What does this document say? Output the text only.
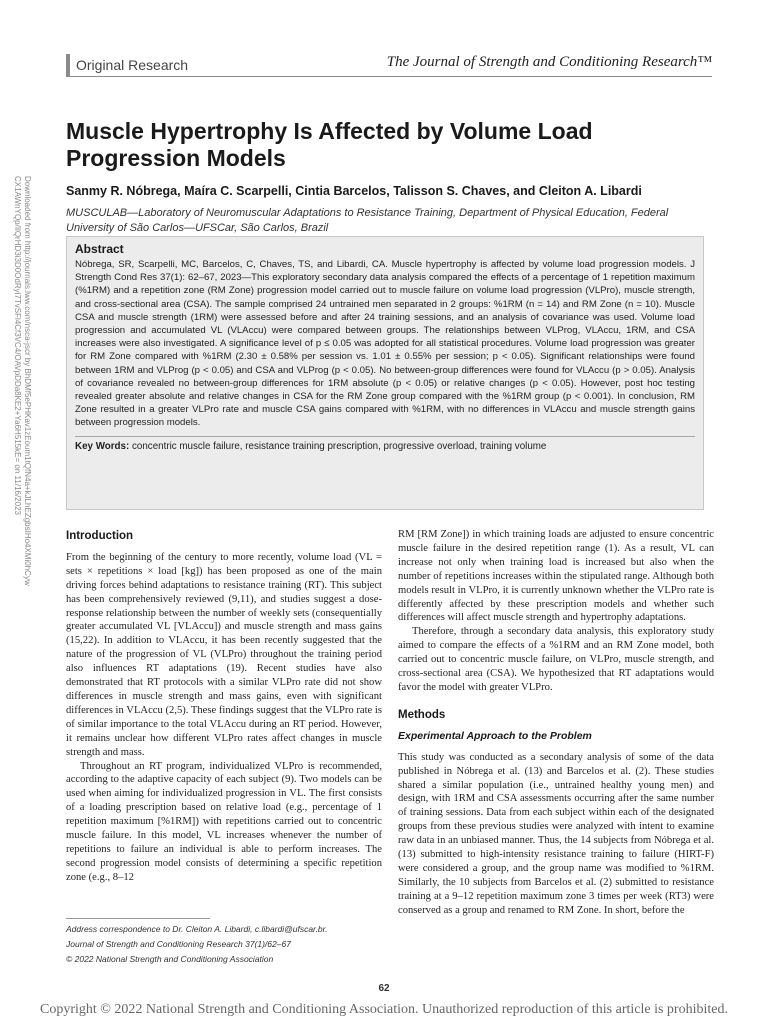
Original Research	The Journal of Strength and Conditioning Research™
Downloaded from http://journals.lww.com/nsca-jscr by BhDMf5ePHKav1zEoum1tQfN4a+kJLhEZgbsIHo4XMi0hCyw CX1AWnYQp/IlQrHD3i3D0OdRyi7TvSFl4Cf3VC4/OAVpDDa8KE2+Ya6H515kE= on 11/16/2023
Muscle Hypertrophy Is Affected by Volume Load Progression Models
Sanmy R. Nóbrega, Maíra C. Scarpelli, Cintia Barcelos, Talisson S. Chaves, and Cleiton A. Libardi
MUSCULAB—Laboratory of Neuromuscular Adaptations to Resistance Training, Department of Physical Education, Federal University of São Carlos—UFSCar, São Carlos, Brazil
Abstract
Nóbrega, SR, Scarpelli, MC, Barcelos, C, Chaves, TS, and Libardi, CA. Muscle hypertrophy is affected by volume load progression models. J Strength Cond Res 37(1): 62–67, 2023—This exploratory secondary data analysis compared the effects of a percentage of 1 repetition maximum (%1RM) and a repetition zone (RM Zone) progression model carried out to muscle failure on volume load progression (VLPro), muscle strength, and cross-sectional area (CSA). The sample comprised 24 untrained men separated in 2 groups: %1RM (n = 14) and RM Zone (n = 10). Muscle CSA and muscle strength (1RM) were assessed before and after 24 training sessions, and an analysis of covariance was used. Volume load progression and accumulated VL (VLAccu) were compared between groups. The relationships between VLProg, VLAccu, 1RM, and CSA increases were also investigated. A significance level of p ≤ 0.05 was adopted for all statistical procedures. Volume load progression was greater for RM Zone compared with %1RM (2.30 ± 0.58% per session vs. 1.01 ± 0.55% per session; p < 0.05). Significant relationships were found between 1RM and VLProg (p < 0.05) and CSA and VLProg (p < 0.05). No between-group differences were found for VLAccu (p > 0.05). Analysis of covariance revealed no between-group differences for 1RM absolute (p < 0.05) or relative changes (p < 0.05). However, post hoc testing revealed greater absolute and relative changes in CSA for the RM Zone group compared with the %1RM group (p < 0.001). In conclusion, RM Zone resulted in a greater VLPro rate and muscle CSA gains compared with %1RM, with no differences in VLAccu and muscle strength gains between progression models.
Key Words: concentric muscle failure, resistance training prescription, progressive overload, training volume
Introduction

From the beginning of the century to more recently, volume load (VL = sets × repetitions × load [kg]) has been proposed as one of the main driving forces behind adaptations to resistance training (RT). This subject has been comprehensively reviewed (9,11), and studies suggest a dose-response relationship between the number of weekly sets (consequentially greater accumulated VL [VLAccu]) and muscle strength and mass gains (15,22). In addition to VLAccu, it has been recently suggested that the nature of the progression of VL (VLPro) throughout the training period also influences RT adaptations (19). Recent studies have also demonstrated that RT protocols with a similar VLPro rate did not show differences in muscle strength and mass gains, even with significant differences in VLAccu (2,5). These findings suggest that the VLPro rate is of similar importance to the total VLAccu during an RT period. However, it remains unclear how different VLPro rates affect changes in muscle strength and mass.

Throughout an RT program, individualized VLPro is recommended, according to the adaptive capacity of each subject (9). Two models can be used when aiming for individualized progression in VL. The first consists of a loading prescription based on relative load (e.g., percentage of 1 repetition maximum [%1RM]) with repetitions carried out to concentric muscle failure. In this model, VL increases whenever the number of repetitions to failure an individual is able to perform increases. The second progression model consists of determining a specific repetition zone (e.g., 8–12

RM [RM Zone]) in which training loads are adjusted to ensure concentric muscle failure in the desired repetition range (1). As a result, VL can increase not only when training load is increased but also when the number of repetitions increases within the stipulated range. Although both models result in VLPro, it is currently unknown whether the VLPro rate is differently affected by these prescription models and whether such differences will affect muscle strength and hypertrophy adaptations.

Therefore, through a secondary data analysis, this exploratory study aimed to compare the effects of a %1RM and an RM Zone model, both carried out to concentric muscle failure, on VLPro, muscle strength, and cross-sectional area (CSA). We hypothesized that RT adaptations would favor the model with greater VLPro.

Methods
Experimental Approach to the Problem

This study was conducted as a secondary analysis of some of the data published in Nóbrega et al. (13) and Barcelos et al. (2). These studies shared a similar population (i.e., untrained healthy young men) and design, with 1RM and CSA assessments occurring after the same number of training sessions. Data from each subject within each of the designated groups from these previous studies were analyzed with intent to examine raw data in an unbiased manner. Thus, the 14 subjects from Nóbrega et al. (13) submitted to high-intensity resistance training to failure (HIRT-F) were considered a group, and the group name was modified to %1RM. Similarly, the 10 subjects from Barcelos et al. (2) submitted to resistance training at a 9–12 repetition maximum zone 3 times per week (RT3) were conserved as a group and renamed to RM Zone. In short, before the

Address correspondence to Dr. Cleiton A. Libardi, c.libardi@ufscar.br.
Journal of Strength and Conditioning Research 37(1)/62–67
© 2022 National Strength and Conditioning Association
62
Copyright © 2022 National Strength and Conditioning Association. Unauthorized reproduction of this article is prohibited.
